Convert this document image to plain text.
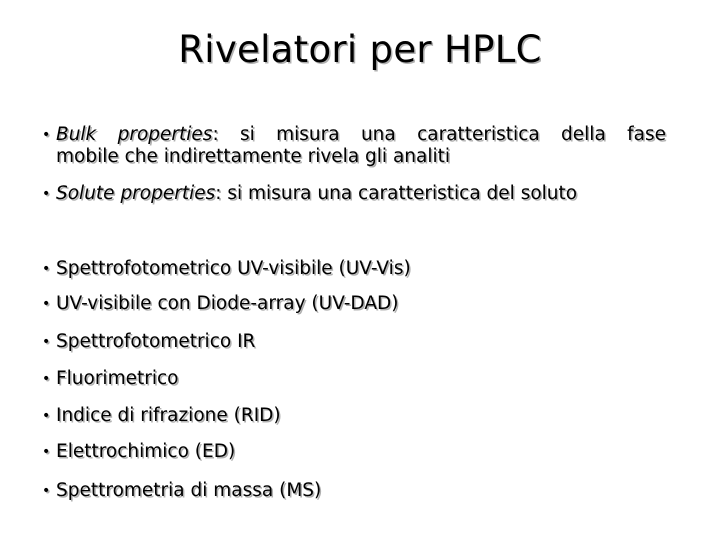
Rivelatori per HPLC
• Bulk properties: si misura una caratteristica della fase
mobile che indirettamente rivela gli analiti
• Solute properties: si misura una caratteristica del soluto
• Spettrofotometrico UV-visibile (UV-Vis)
• UV-visibile con Diode-array (UV-DAD)
• Spettrofotometrico IR
• Fluorimetrico
• Indice di rifrazione (RID)
• Elettrochimico (ED)
• Spettrometria di massa (MS)
